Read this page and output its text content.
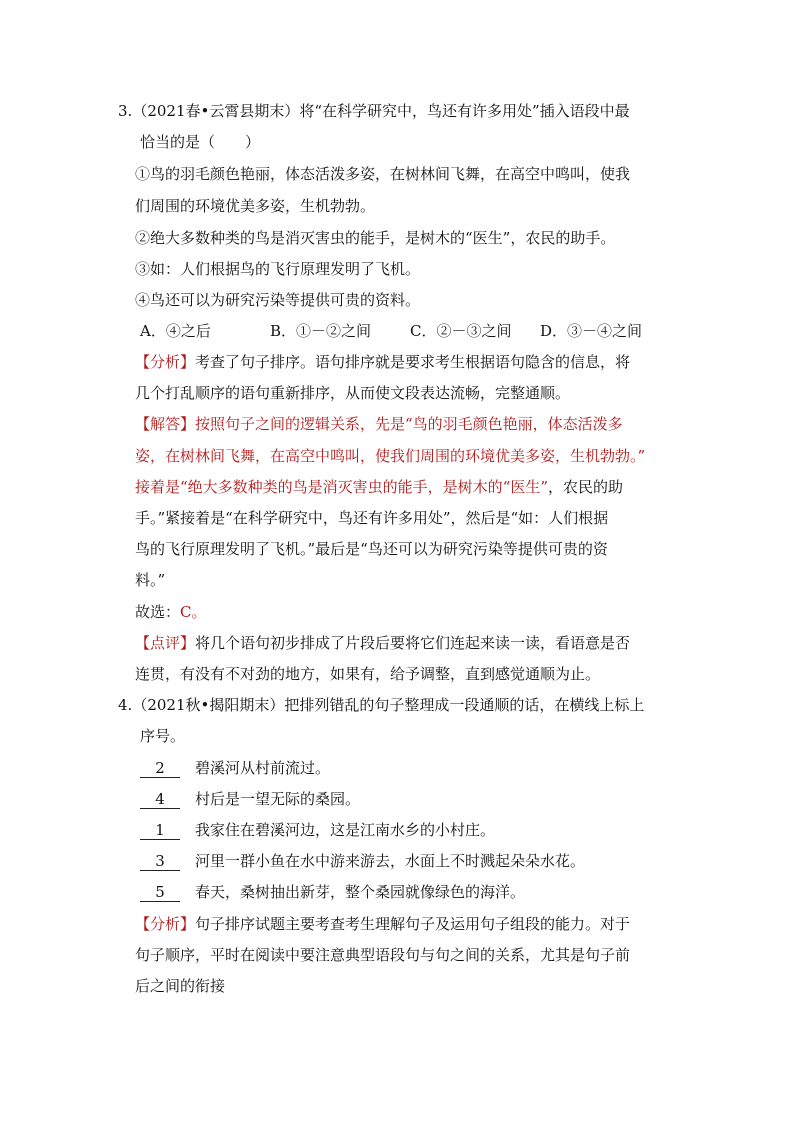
3.（2021春•云霄县期末）将“在科学研究中，鸟还有许多用处”插入语段中最
恰当的是（　　）
①鸟的羽毛颜色艳丽，体态活泼多姿，在树林间飞舞，在高空中鸣叫，使我
们周围的环境优美多姿，生机勃勃。
②绝大多数种类的鸟是消灭害虫的能手，是树木的“医生”，农民的助手。
③如：人们根据鸟的飞行原理发明了飞机。
④鸟还可以为研究污染等提供可贵的资料。
A．④之后	B．①－②之间	C．②－③之间 D．③－④之间
【分析】考查了句子排序。语句排序就是要求考生根据语句隐含的信息，将
几个打乱顺序的语句重新排序，从而使文段表达流畅，完整通顺。
【解答】按照句子之间的逻辑关系，先是“鸟的羽毛颜色艳丽，体态活泼多
姿，在树林间飞舞，在高空中鸣叫，使我们周围的环境优美多姿，生机勃勃。”
接着是“绝大多数种类的鸟是消灭害虫的能手，是树木的“医生”，农民的助
手。”紧接着是“在科学研究中，鸟还有许多用处”，然后是“如：人们根据
鸟的飞行原理发明了飞机。”最后是“鸟还可以为研究污染等提供可贵的资
料。”
故选：C。
【点评】将几个语句初步排成了片段后要将它们连起来读一读，看语意是否
连贯，有没有不对劲的地方，如果有，给予调整，直到感觉通顺为止。
4.（2021秋•揭阳期末）把排列错乱的句子整理成一段通顺的话，在横线上标上
序号。
2　 碧溪河从村前流过。
4　 村后是一望无际的桑园。
1　 我家住在碧溪河边，这是江南水乡的小村庄。
3　 河里一群小鱼在水中游来游去，水面上不时溅起朵朵水花。
5　 春天，桑树抽出新芽，整个桑园就像绿色的海洋。
【分析】句子排序试题主要考查考生理解句子及运用句子组段的能力。对于
句子顺序，平时在阅读中要注意典型语段句与句之间的关系，尤其是句子前
后之间的衔接
